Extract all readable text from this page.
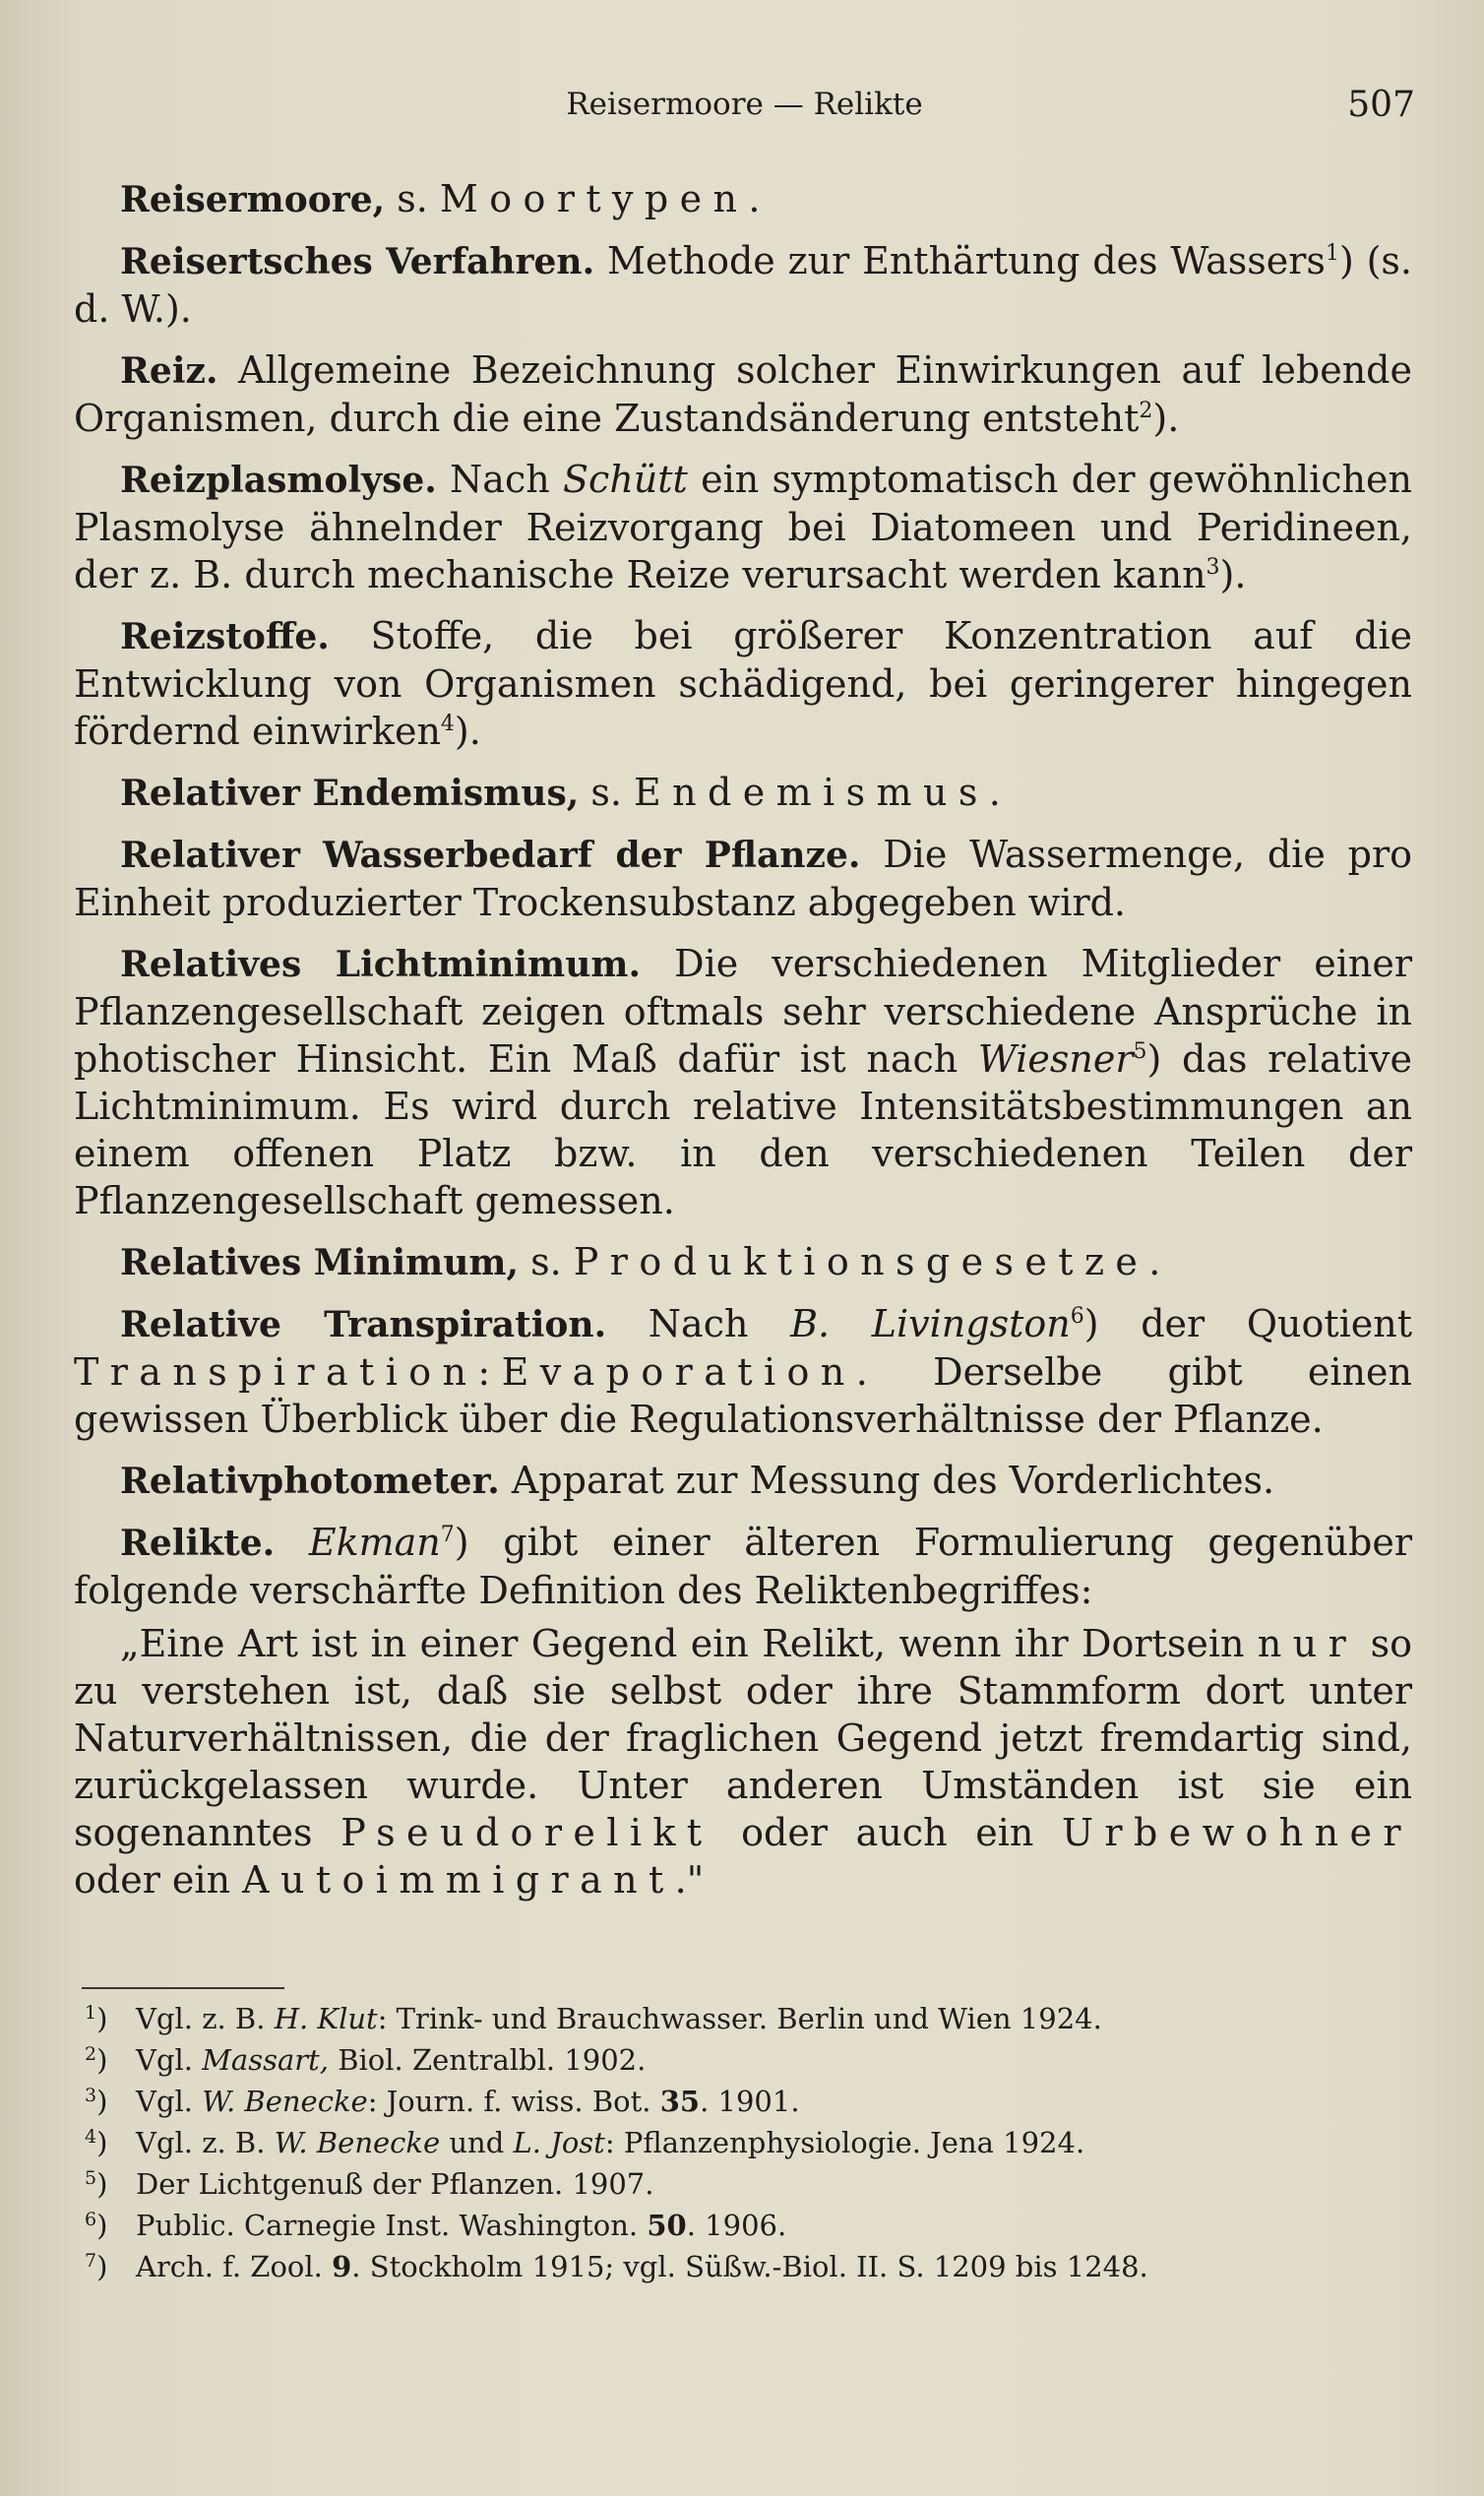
Reisermoore — Relikte	507

Reisermoore, s. Moortypen.

Reisertsches Verfahren. Methode zur Enthärtung des Wassers$^1$) (s. d. W.).

Reiz. Allgemeine Bezeichnung solcher Einwirkungen auf lebende Organismen, durch die eine Zustandsänderung entsteht$^2$).

Reizplasmolyse. Nach Schütt ein symptomatisch der gewöhnlichen Plasmolyse ähnelnder Reizvorgang bei Diatomeen und Peridineen, der z. B. durch mechanische Reize verursacht werden kann$^3$).

Reizstoffe. Stoffe, die bei größerer Konzentration auf die Entwicklung von Organismen schädigend, bei geringerer hingegen fördernd einwirken$^4$).

Relativer Endemismus, s. Endemismus.

Relativer Wasserbedarf der Pflanze. Die Wassermenge, die pro Einheit produzierter Trockensubstanz abgegeben wird.

Relatives Lichtminimum. Die verschiedenen Mitglieder einer Pflanzengesellschaft zeigen oftmals sehr verschiedene Ansprüche in photischer Hinsicht. Ein Maß dafür ist nach Wiesner$^5$) das relative Lichtminimum. Es wird durch relative Intensitätsbestimmungen an einem offenen Platz bzw. in den verschiedenen Teilen der Pflanzengesellschaft gemessen.

Relatives Minimum, s. Produktionsgesetze.

Relative Transpiration. Nach B. Livingston$^6$) der Quotient Transpiration:Evaporation. Derselbe gibt einen gewissen Überblick über die Regulationsverhältnisse der Pflanze.

Relativphotometer. Apparat zur Messung des Vorderlichtes.

Relikte. Ekman$^7$) gibt einer älteren Formulierung gegenüber folgende verschärfte Definition des Reliktenbegriffes:

„Eine Art ist in einer Gegend ein Relikt, wenn ihr Dortsein nur so zu verstehen ist, daß sie selbst oder ihre Stammform dort unter Naturverhältnissen, die der fraglichen Gegend jetzt fremdartig sind, zurückgelassen wurde. Unter anderen Umständen ist sie ein sogenanntes Pseudorelikt oder auch ein Urbewohner oder ein Autoimmigrant."

$^1$) Vgl. z. B. H. Klut: Trink- und Brauchwasser. Berlin und Wien 1924.
$^2$) Vgl. Massart, Biol. Zentralbl. 1902.
$^3$) Vgl. W. Benecke: Journ. f. wiss. Bot. 35. 1901.
$^4$) Vgl. z. B. W. Benecke und L. Jost: Pflanzenphysiologie. Jena 1924.
$^5$) Der Lichtgenuß der Pflanzen. 1907.
$^6$) Public. Carnegie Inst. Washington. 50. 1906.
$^7$) Arch. f. Zool. 9. Stockholm 1915; vgl. Süßw.-Biol. II. S. 1209 bis 1248.
